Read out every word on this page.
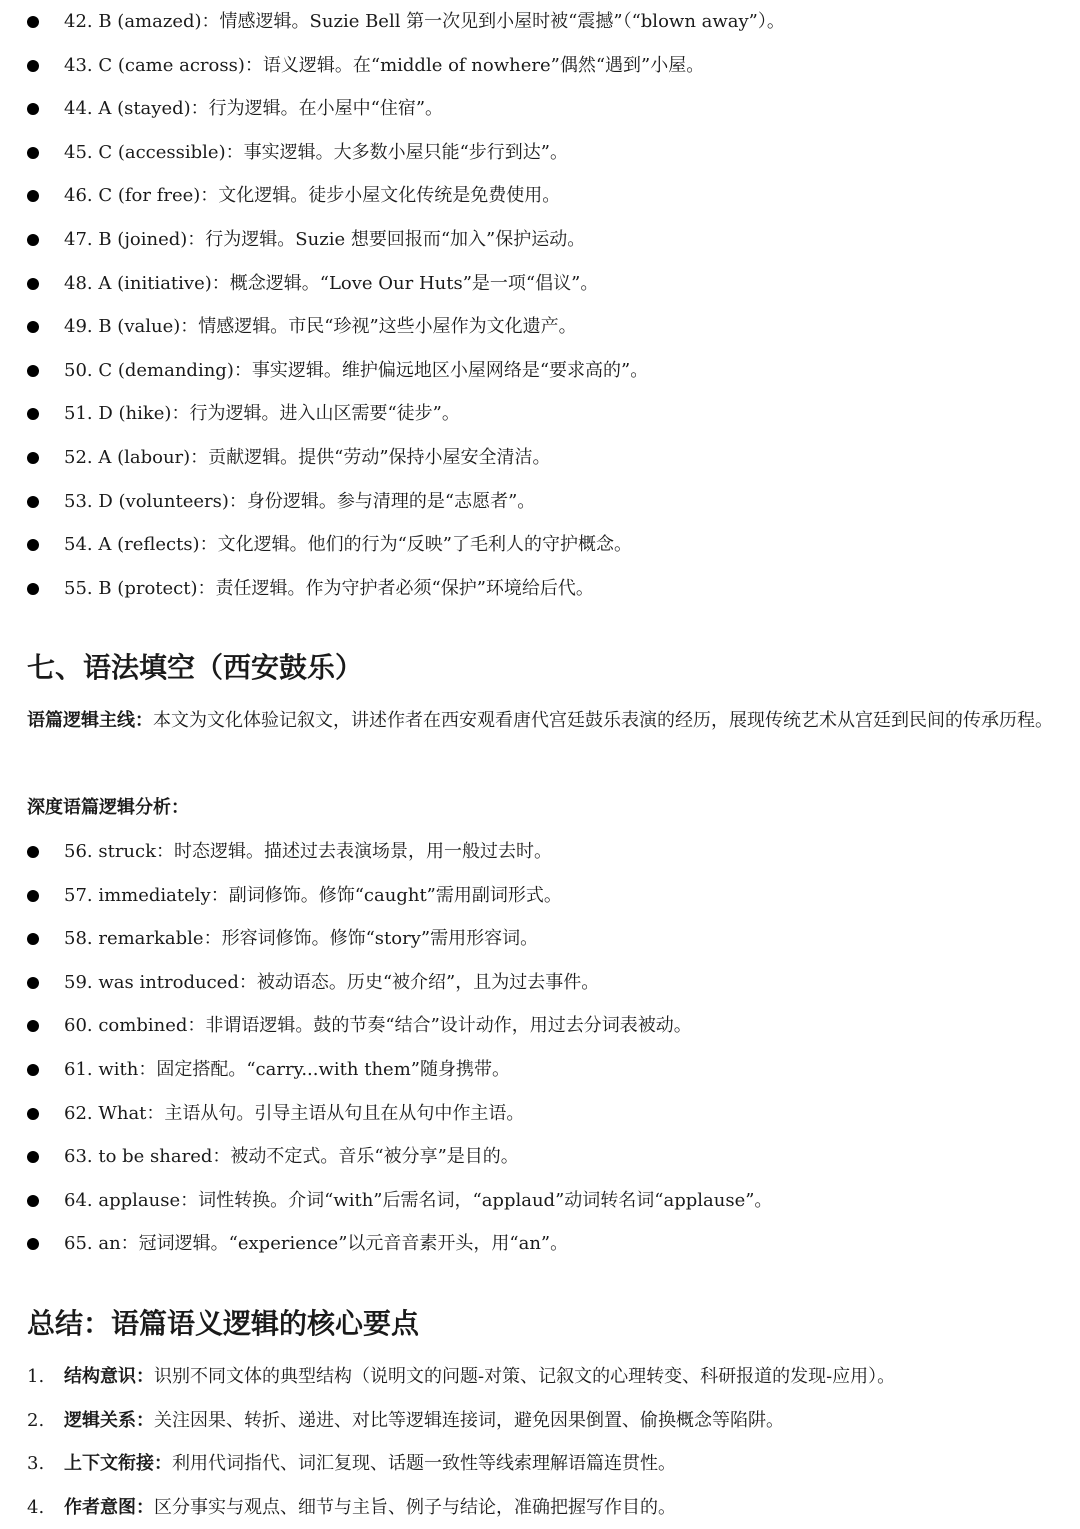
42. B (amazed)：情感逻辑。Suzie Bell 第一次见到小屋时被“震撼”（“blown away”）。
43. C (came across)：语义逻辑。在“middle of nowhere”偶然“遇到”小屋。
44. A (stayed)：行为逻辑。在小屋中“住宿”。
45. C (accessible)：事实逻辑。大多数小屋只能“步行到达”。
46. C (for free)：文化逻辑。徒步小屋文化传统是免费使用。
47. B (joined)：行为逻辑。Suzie 想要回报而“加入”保护运动。
48. A (initiative)：概念逻辑。“Love Our Huts”是一项“倡议”。
49. B (value)：情感逻辑。市民“珍视”这些小屋作为文化遗产。
50. C (demanding)：事实逻辑。维护偏远地区小屋网络是“要求高的”。
51. D (hike)：行为逻辑。进入山区需要“徒步”。
52. A (labour)：贡献逻辑。提供“劳动”保持小屋安全清洁。
53. D (volunteers)：身份逻辑。参与清理的是“志愿者”。
54. A (reflects)：文化逻辑。他们的行为“反映”了毛利人的守护概念。
55. B (protect)：责任逻辑。作为守护者必须“保护”环境给后代。
七、语法填空（西安鼓乐）

语篇逻辑主线：本文为文化体验记叙文，讲述作者在西安观看唐代宫廷鼓乐表演的经历，展现传统艺术从宫廷到民间的传承历程。

深度语篇逻辑分析：

56. struck：时态逻辑。描述过去表演场景，用一般过去时。
57. immediately：副词修饰。修饰“caught”需用副词形式。
58. remarkable：形容词修饰。修饰“story”需用形容词。
59. was introduced：被动语态。历史“被介绍”，且为过去事件。
60. combined：非谓语逻辑。鼓的节奏“结合”设计动作，用过去分词表被动。
61. with：固定搭配。“carry...with them”随身携带。
62. What：主语从句。引导主语从句且在从句中作主语。
63. to be shared：被动不定式。音乐“被分享”是目的。
64. applause：词性转换。介词“with”后需名词，“applaud”动词转名词“applause”。
65. an：冠词逻辑。“experience”以元音音素开头，用“an”。
总结：语篇语义逻辑的核心要点
1. 结构意识：识别不同文体的典型结构（说明文的问题-对策、记叙文的心理转变、科研报道的发现-应用）。
2. 逻辑关系：关注因果、转折、递进、对比等逻辑连接词，避免因果倒置、偷换概念等陷阱。
3. 上下文衔接：利用代词指代、词汇复现、话题一致性等线索理解语篇连贯性。
4. 作者意图：区分事实与观点、细节与主旨、例子与结论，准确把握写作目的。
